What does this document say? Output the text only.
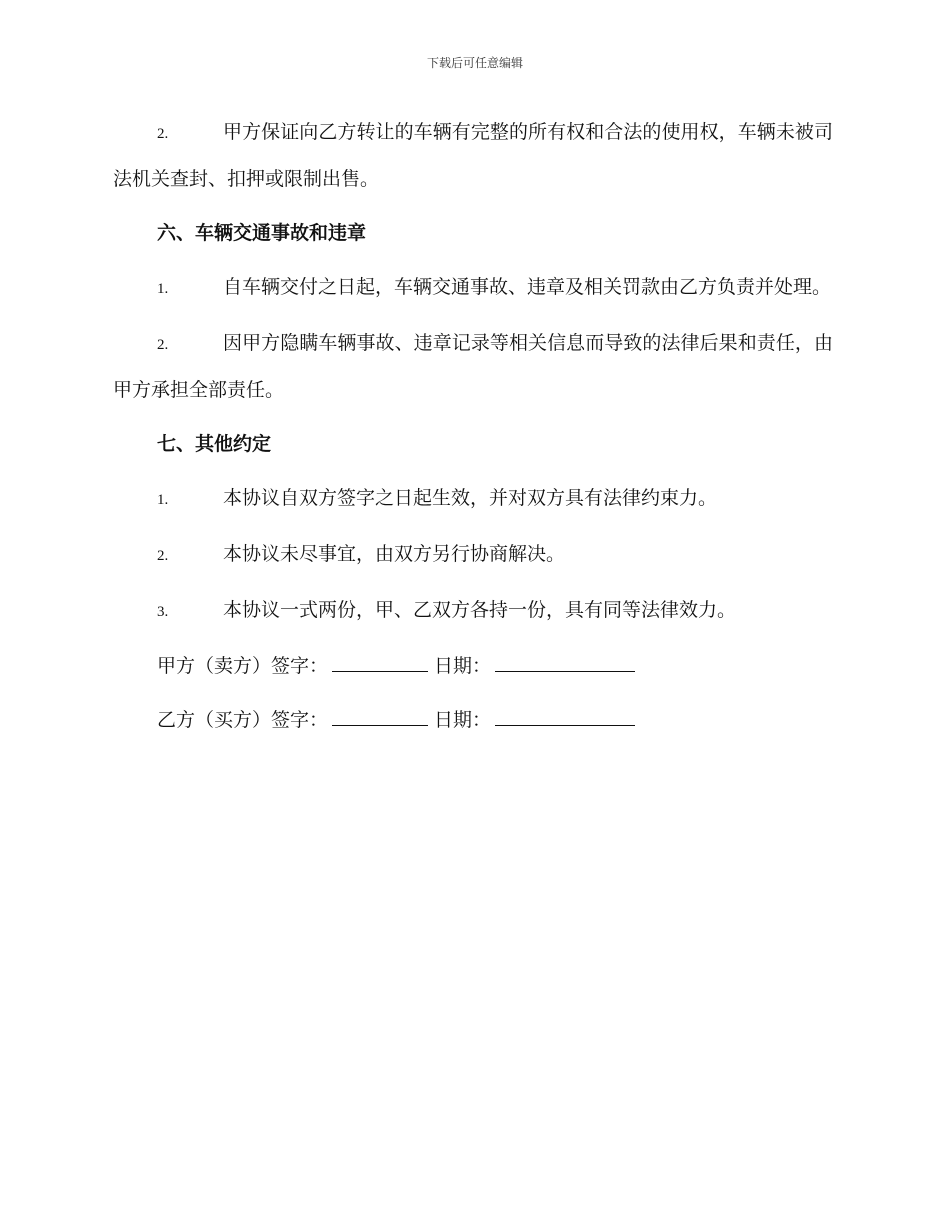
下载后可任意编辑

2.	甲方保证向乙方转让的车辆有完整的所有权和合法的使用权，车辆未被司法机关查封、扣押或限制出售。

六、车辆交通事故和违章

1.	自车辆交付之日起，车辆交通事故、违章及相关罚款由乙方负责并处理。

2.	因甲方隐瞒车辆事故、违章记录等相关信息而导致的法律后果和责任，由甲方承担全部责任。

七、其他约定

1.	本协议自双方签字之日起生效，并对双方具有法律约束力。

2.	本协议未尽事宜，由双方另行协商解决。

3.	本协议一式两份，甲、乙双方各持一份，具有同等法律效力。

甲方（卖方）签字：	日期：

乙方（买方）签字：	日期：
